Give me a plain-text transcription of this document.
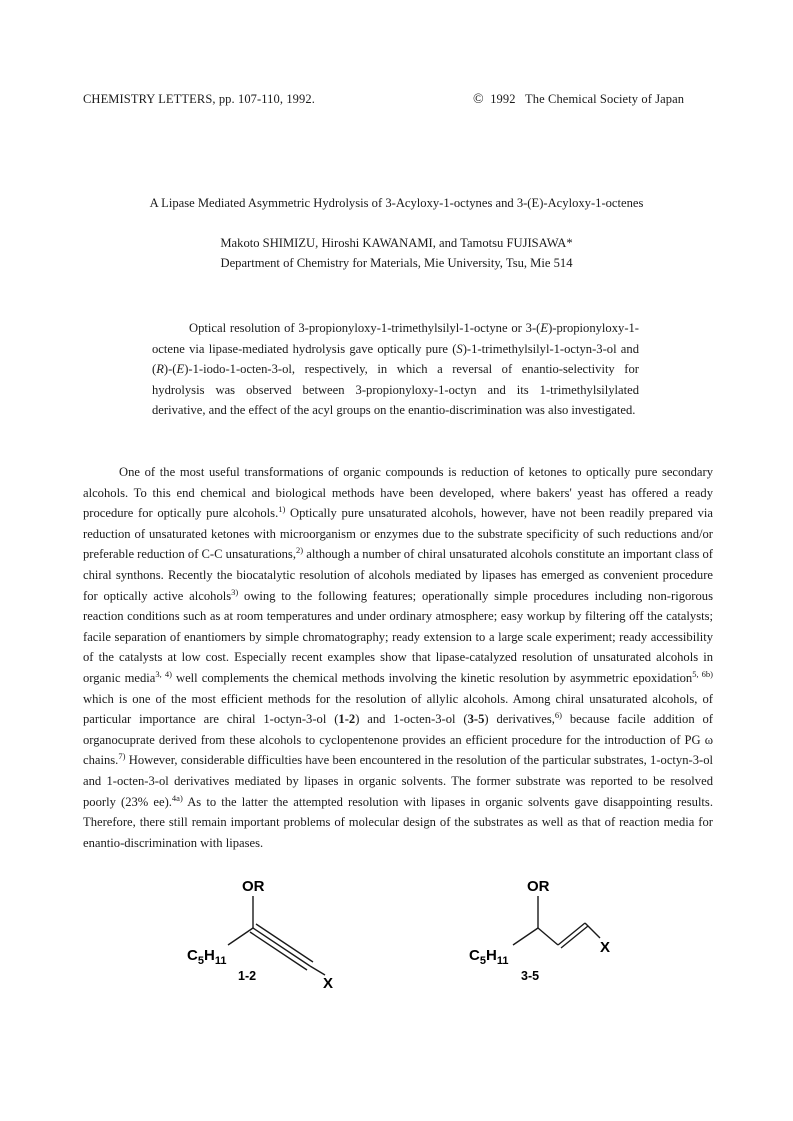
CHEMISTRY LETTERS, pp. 107-110, 1992.	© 1992   The Chemical Society of Japan
A Lipase Mediated Asymmetric Hydrolysis of 3-Acyloxy-1-octynes and 3-(E)-Acyloxy-1-octenes
Makoto SHIMIZU, Hiroshi KAWANAMI, and Tamotsu FUJISAWA*
Department of Chemistry for Materials, Mie University, Tsu, Mie 514
Optical resolution of 3-propionyloxy-1-trimethylsilyl-1-octyne or 3-(E)-propionyloxy-1-octene via lipase-mediated hydrolysis gave optically pure (S)-1-trimethylsilyl-1-octyn-3-ol and (R)-(E)-1-iodo-1-octen-3-ol, respectively, in which a reversal of enantio-selectivity for hydrolysis was observed between 3-propionyloxy-1-octyn and its 1-trimethylsilylated derivative, and the effect of the acyl groups on the enantio-discrimination was also investigated.

One of the most useful transformations of organic compounds is reduction of ketones to optically pure secondary alcohols. To this end chemical and biological methods have been developed, where bakers' yeast has offered a ready procedure for optically pure alcohols.$^{1)}$ Optically pure unsaturated alcohols, however, have not been readily prepared via reduction of unsaturated ketones with microorganism or enzymes due to the substrate specificity of such reductions and/or preferable reduction of C-C unsaturations,$^{2)}$ although a number of chiral unsaturated alcohols constitute an important class of chiral synthons. Recently the biocatalytic resolution of alcohols mediated by lipases has emerged as convenient procedure for optically active alcohols$^{3)}$ owing to the following features; operationally simple procedures including non-rigorous reaction conditions such as at room temperatures and under ordinary atmosphere; easy workup by filtering off the catalysts; facile separation of enantiomers by simple chromatography; ready extension to a large scale experiment; ready accessibility of the catalysts at low cost. Especially recent examples show that lipase-catalyzed resolution of unsaturated alcohols in organic media$^{3, 4)}$ well complements the chemical methods involving the kinetic resolution by asymmetric epoxidation$^{5, 6b)}$ which is one of the most efficient methods for the resolution of allylic alcohols. Among chiral unsaturated alcohols, of particular importance are chiral 1-octyn-3-ol (1-2) and 1-octen-3-ol (3-5) derivatives,$^{6)}$ because facile addition of organocuprate derived from these alcohols to cyclopentenone provides an efficient procedure for the introduction of PG ω chains.$^{7)}$ However, considerable difficulties have been encountered in the resolution of the particular substrates, 1-octyn-3-ol and 1-octen-3-ol derivatives mediated by lipases in organic solvents. The former substrate was reported to be resolved poorly (23% ee).$^{4a)}$ As to the latter the attempted resolution with lipases in organic solvents gave disappointing results. Therefore, there still remain important problems of molecular design of the substrates as well as that of reaction media for enantio-discrimination with lipases.

OR
$C_5H_{11}$
X
1-2
OR
$C_5H_{11}$
X
3-5
